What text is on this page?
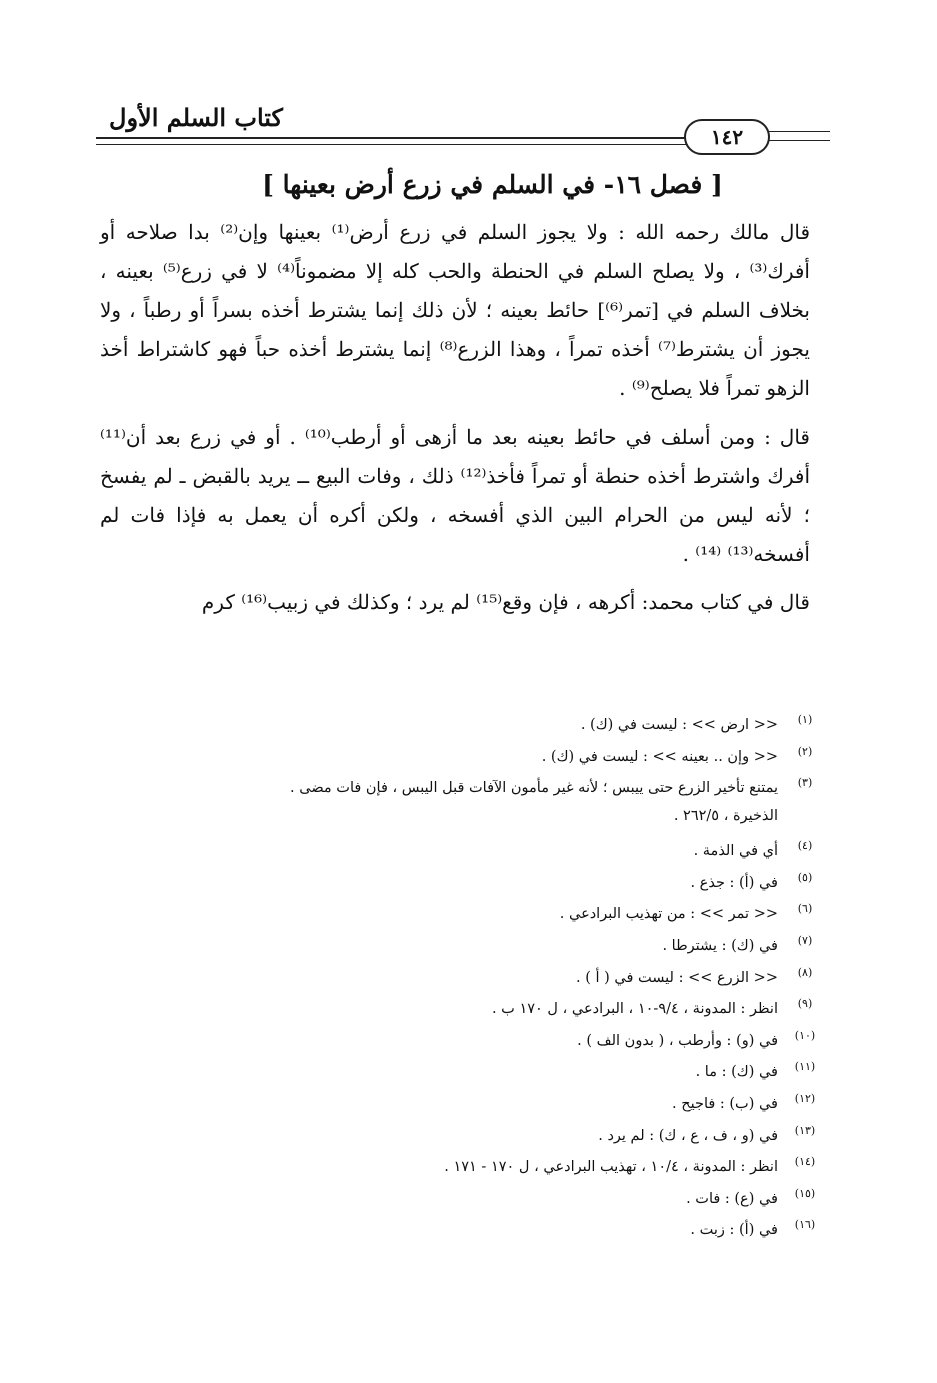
كتاب السلم الأول
١٤٢
[ فصل ١٦- في السلم في زرع أرض بعينها ]
قال مالك رحمه الله : ولا يجوز السلم في زرع أرض⁽¹⁾ بعينها وإن⁽²⁾ بدا صلاحه أو أفرك⁽³⁾ ، ولا يصلح السلم في الحنطة والحب كله إلا مضموناً⁽⁴⁾ لا في زرع⁽⁵⁾ بعينه ، بخلاف السلم في [تمر⁽⁶⁾] حائط بعينه ؛ لأن ذلك إنما يشترط أخذه بسراً أو رطباً ، ولا يجوز أن يشترط⁽⁷⁾ أخذه تمراً ، وهذا الزرع⁽⁸⁾ إنما يشترط أخذه حباً فهو كاشتراط أخذ الزهو تمراً فلا يصلح⁽⁹⁾ .
قال : ومن أسلف في حائط بعينه بعد ما أزهى أو أرطب⁽¹⁰⁾ . أو في زرع بعد أن⁽¹¹⁾ أفرك واشترط أخذه حنطة أو تمراً فأخذ⁽¹²⁾ ذلك ، وفات البيع ــ يريد بالقبض ـ لم يفسخ ؛ لأنه ليس من الحرام البين الذي أفسخه ، ولكن أكره أن يعمل به فإذا فات لم أفسخه⁽¹³⁾ ⁽¹⁴⁾ .
قال في كتاب محمد: أكرهه ، فإن وقع⁽¹⁵⁾ لم يرد ؛ وكذلك في زبيب⁽¹⁶⁾ كرم
(١)
<< ارض >> : ليست في (ك) .
(٢)
<< وإن .. بعينه >> : ليست في (ك) .
(٣)
يمتنع تأخير الزرع حتى ييبس ؛ لأنه غير مأمون الآفات قبل اليبس ، فإن فات مضى .
الذخيرة ، ٢٦٢/٥ .
(٤)
أي في الذمة .
(٥)
في (أ) : جذع .
(٦)
<< تمر >> : من تهذيب البرادعي .
(٧)
في (ك) : يشترطا .
(٨)
<< الزرع >> : ليست في ( أ ) .
(٩)
انظر : المدونة ، ٩/٤-١٠ ، البرادعي ، ل ١٧٠ ب .
(١٠)
في (و) : وأرطب ، ( بدون الف ) .
(١١)
في (ك) : ما .
(١٢)
في (ب) : فاجيح .
(١٣)
في (و ، ف ، ع ، ك) : لم يرد .
(١٤)
انظر : المدونة ، ١٠/٤ ، تهذيب البرادعي ، ل ١٧٠ - ١٧١ .
(١٥)
في (ع) : فات .
(١٦)
في (أ) : زبت .
